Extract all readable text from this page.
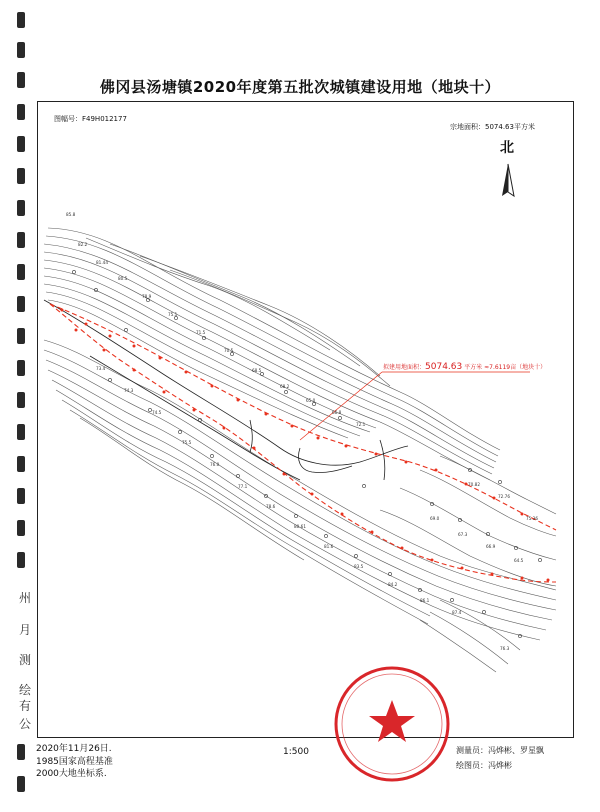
州
月
测
绘
有
公
佛冈县汤塘镇2020年度第五批次城镇建设用地（地块十）
图幅号：F49H012177
宗地面积：5074.63平方米
北
85.8
82.2
81.44
80.5
78.9
75.1
71.5
70.5
68.5
68.2
65.0
66.8
72.1
73.4
74.3
74.5
75.5
76.0
77.1
78.6
80.61
81.6
83.5
84.2
86.1
87.4
69.0
67.3
66.9
64.5
70.82
72.76
75.36
76.3
拟建用地面积：5074.63 平方米 ≈7.6119亩（地块十）
2020年11月26日.
1985国家高程基准
2000大地坐标系.
1:500	测量员：冯烨彬、罗星飘
绘图员：冯烨彬
